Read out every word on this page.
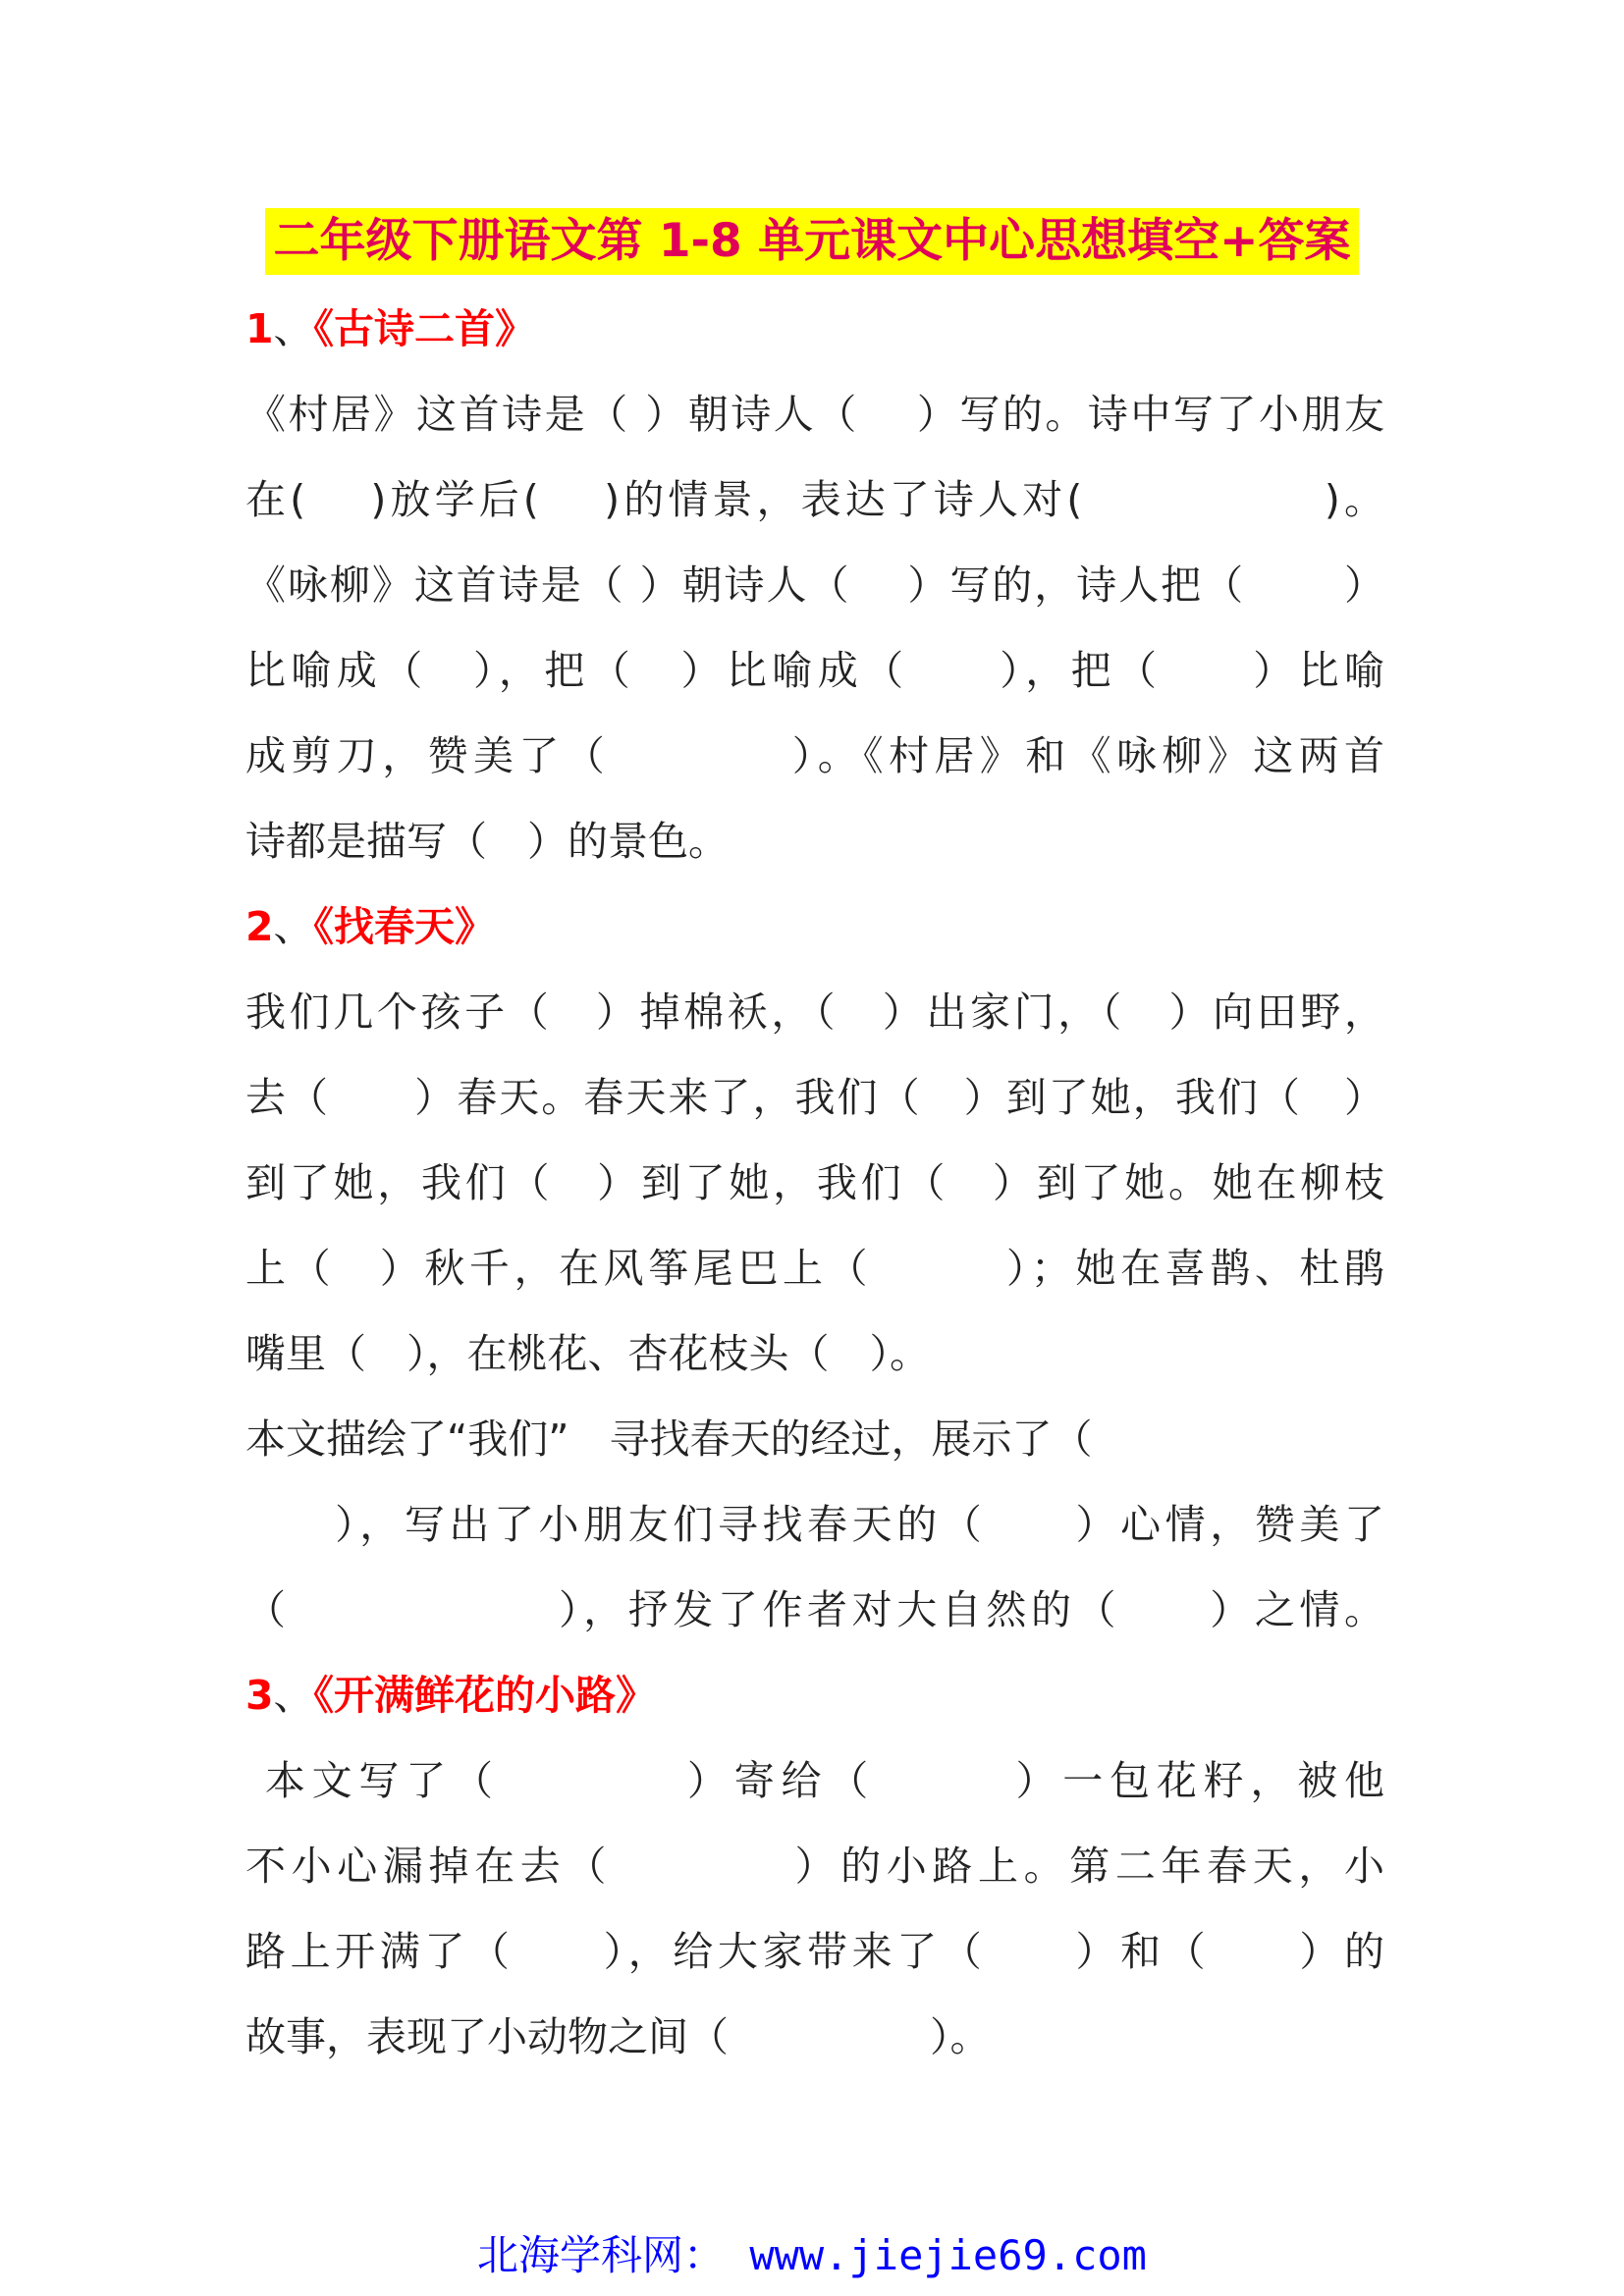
二年级下册语文第 1-8 单元课文中心思想填空+答案
1、《古诗二首》
《村居》这首诗是（ ）朝诗人（　 ）写的。诗中写了小朋友
在(　 )放学后(　 )的情景，表达了诗人对(　　　　　 )。
《咏柳》这首诗是（ ）朝诗人（　 ）写的，诗人把（　　 ）
比喻成（　），把（　）比喻成（　　），把（　　）比喻
成剪刀，赞美了（　　　　）。《村居》和《咏柳》这两首
诗都是描写（　）的景色。
2、《找春天》
我们几个孩子（　）掉棉袄，（　）出家门，（　）向田野，
去（　　）春天。春天来了，我们（　）到了她，我们（　）
到了她，我们（　）到了她，我们（　）到了她。她在柳枝
上（　）秋千，在风筝尾巴上（　　　）；她在喜鹊、杜鹃
嘴里（　），在桃花、杏花枝头（　）。
本文描绘了“我们”　寻找春天的经过，展示了（
　　），写出了小朋友们寻找春天的（　　）心情，赞美了
（　　　　　　），抒发了作者对大自然的（　　）之情。
3、《开满鲜花的小路》
本文写了（　　　　）寄给（　　　）一包花籽，被他
不小心漏掉在去（　　　　）的小路上。第二年春天，小
路上开满了（　　），给大家带来了（　　）和（　　）的
故事，表现了小动物之间（　　　　　）。
北海学科网： www.jiejie69.com
